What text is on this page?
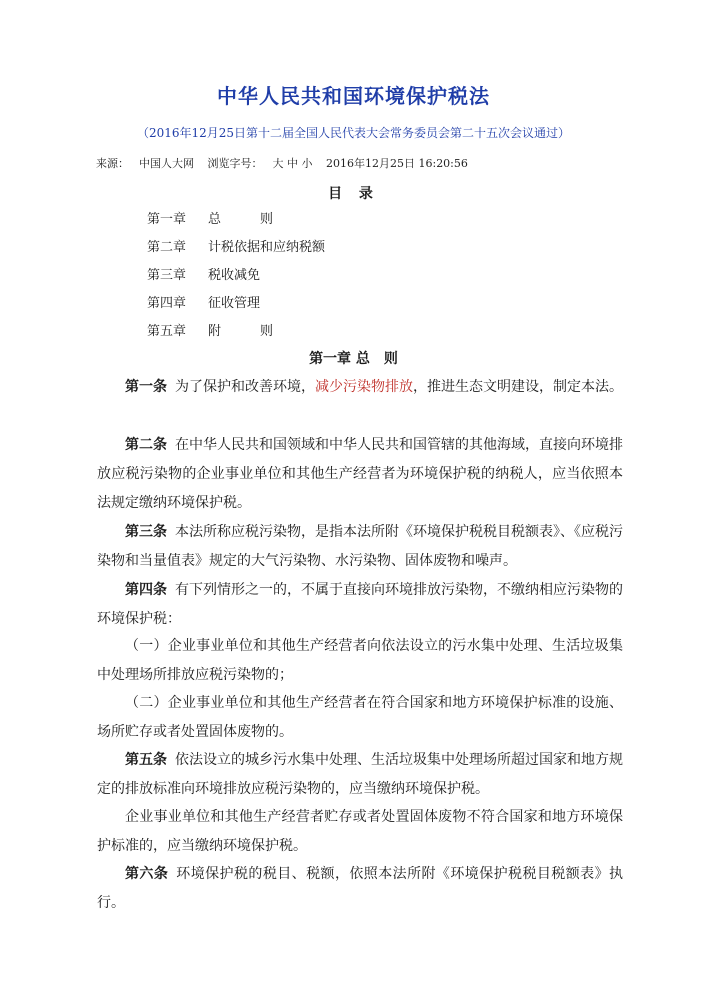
中华人民共和国环境保护税法
（2016年12月25日第十二届全国人民代表大会常务委员会第二十五次会议通过）
来源： 中国人大网 浏览字号： 大 中 小 2016年12月25日 16:20:56
目 录
第一章 总　　　则
第二章 计税依据和应纳税额
第三章 税收减免
第四章 征收管理
第五章 附　　　则
第一章 总　则

第一条 为了保护和改善环境，减少污染物排放，推进生态文明建设，制定本法。

第二条 在中华人民共和国领域和中华人民共和国管辖的其他海域，直接向环境排放应税污染物的企业事业单位和其他生产经营者为环境保护税的纳税人，应当依照本法规定缴纳环境保护税。

第三条 本法所称应税污染物，是指本法所附《环境保护税税目税额表》、《应税污染物和当量值表》规定的大气污染物、水污染物、固体废物和噪声。

第四条 有下列情形之一的，不属于直接向环境排放污染物，不缴纳相应污染物的环境保护税：

（一）企业事业单位和其他生产经营者向依法设立的污水集中处理、生活垃圾集中处理场所排放应税污染物的；

（二）企业事业单位和其他生产经营者在符合国家和地方环境保护标准的设施、场所贮存或者处置固体废物的。

第五条 依法设立的城乡污水集中处理、生活垃圾集中处理场所超过国家和地方规定的排放标准向环境排放应税污染物的，应当缴纳环境保护税。

企业事业单位和其他生产经营者贮存或者处置固体废物不符合国家和地方环境保护标准的，应当缴纳环境保护税。

第六条 环境保护税的税目、税额，依照本法所附《环境保护税税目税额表》执行。
